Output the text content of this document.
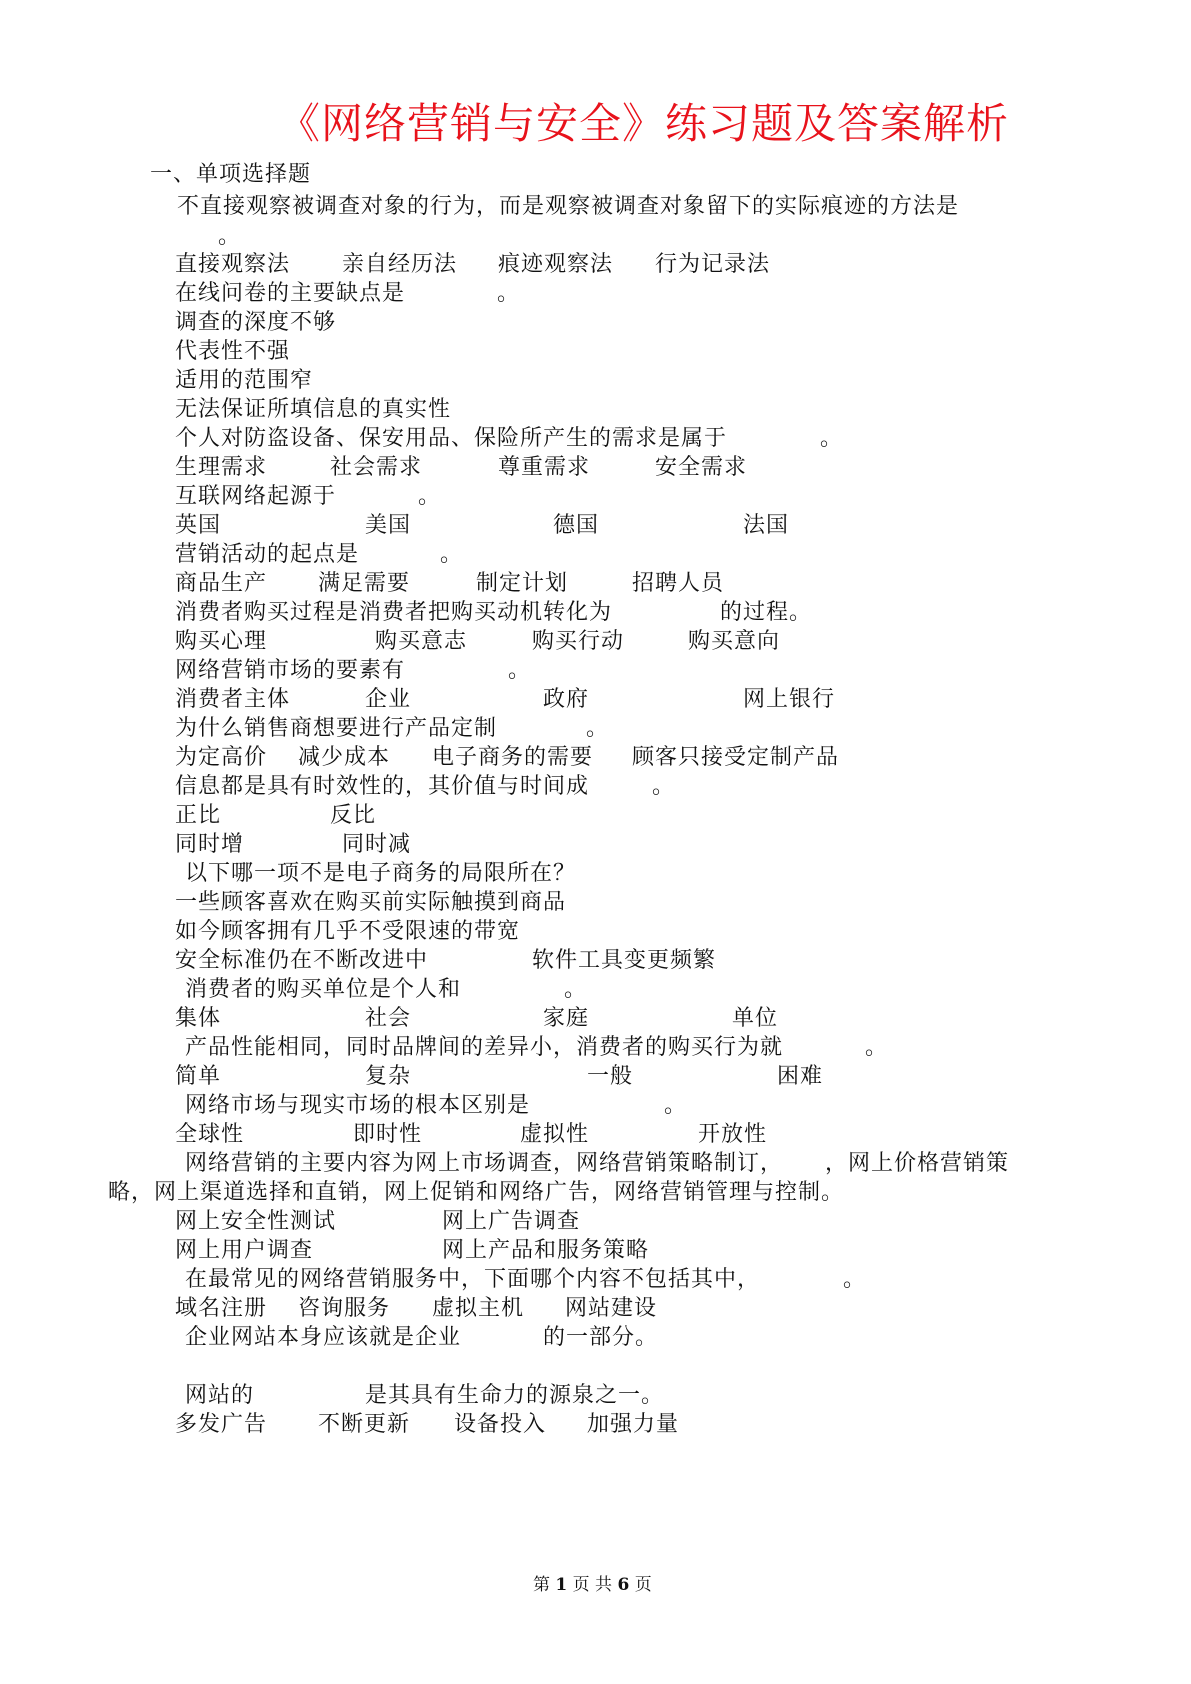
《网络营销与安全》练习题及答案解析
一、单项选择题
不直接观察被调查对象的行为，而是观察被调查对象留下的实际痕迹的方法是
。
直接观察法 亲自经历法 痕迹观察法 行为记录法
在线问卷的主要缺点是	。
调查的深度不够
代表性不强
适用的范围窄
无法保证所填信息的真实性
个人对防盗设备、保安用品、保险所产生的需求是属于	。
生理需求	社会需求	尊重需求	安全需求
互联网络起源于	。
英国	美国	德国	法国
营销活动的起点是	。
商品生产 满足需要	制定计划	招聘人员
消费者购买过程是消费者把购买动机转化为	的过程。
购买心理	购买意志	购买行动	购买意向
网络营销市场的要素有	。
消费者主体	企业	政府	网上银行
为什么销售商想要进行产品定制	。
为定高价 减少成本 电子商务的需要 顾客只接受定制产品
信息都是具有时效性的，其价值与时间成	。
正比	反比
同时增	同时减
以下哪一项不是电子商务的局限所在？
一些顾客喜欢在购买前实际触摸到商品
如今顾客拥有几乎不受限速的带宽
安全标准仍在不断改进中	软件工具变更频繁
消费者的购买单位是个人和	。
集体	社会	家庭	单位
产品性能相同，同时品牌间的差异小，消费者的购买行为就	。
简单	复杂	一般	困难
网络市场与现实市场的根本区别是	。
全球性	即时性	虚拟性	开放性
网络营销的主要内容为网上市场调查，网络营销策略制订， ，网上价格营销策
略，网上渠道选择和直销，网上促销和网络广告，网络营销管理与控制。
网上安全性测试	网上广告调查
网上用户调查	网上产品和服务策略
在最常见的网络营销服务中，下面哪个内容不包括其中，	。
域名注册 咨询服务 虚拟主机 网站建设
企业网站本身应该就是企业	的一部分。
网站的	是其具有生命力的源泉之一。
多发广告 不断更新 设备投入 加强力量
第 1 页 共 6 页
